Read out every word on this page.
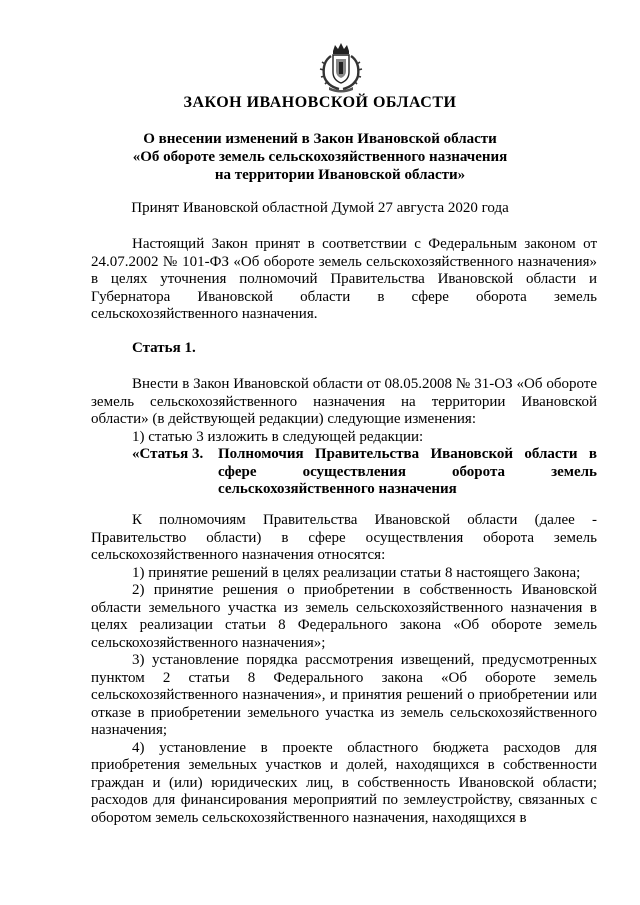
ЗАКОН ИВАНОВСКОЙ ОБЛАСТИ
О внесении изменений в Закон Ивановской области
«Об обороте земель сельскохозяйственного назначения
на территории Ивановской области»
Принят Ивановской областной Думой 27 августа 2020 года

Настоящий Закон принят в соответствии с Федеральным законом от 24.07.2002 № 101-ФЗ «Об обороте земель сельскохозяйственного назначения» в целях уточнения полномочий Правительства Ивановской области и Губернатора Ивановской области в сфере оборота земель сельскохозяйственного назначения.

Статья 1.

Внести в Закон Ивановской области от 08.05.2008 № 31-ОЗ «Об обороте земель сельскохозяйственного назначения на территории Ивановской области» (в действующей редакции) следующие изменения:

1) статью 3 изложить в следующей редакции:

«Статья 3. Полномочия Правительства Ивановской области в сфере осуществления оборота земель сельскохозяйственного назначения

К полномочиям Правительства Ивановской области (далее - Правительство области) в сфере осуществления оборота земель сельскохозяйственного назначения относятся:

1) принятие решений в целях реализации статьи 8 настоящего Закона;

2) принятие решения о приобретении в собственность Ивановской области земельного участка из земель сельскохозяйственного назначения в целях реализации статьи 8 Федерального закона «Об обороте земель сельскохозяйственного назначения»;

3) установление порядка рассмотрения извещений, предусмотренных пунктом 2 статьи 8 Федерального закона «Об обороте земель сельскохозяйственного назначения», и принятия решений о приобретении или отказе в приобретении земельного участка из земель сельскохозяйственного назначения;

4) установление в проекте областного бюджета расходов для приобретения земельных участков и долей, находящихся в собственности граждан и (или) юридических лиц, в собственность Ивановской области; расходов для финансирования мероприятий по землеустройству, связанных с оборотом земель сельскохозяйственного назначения, находящихся в
